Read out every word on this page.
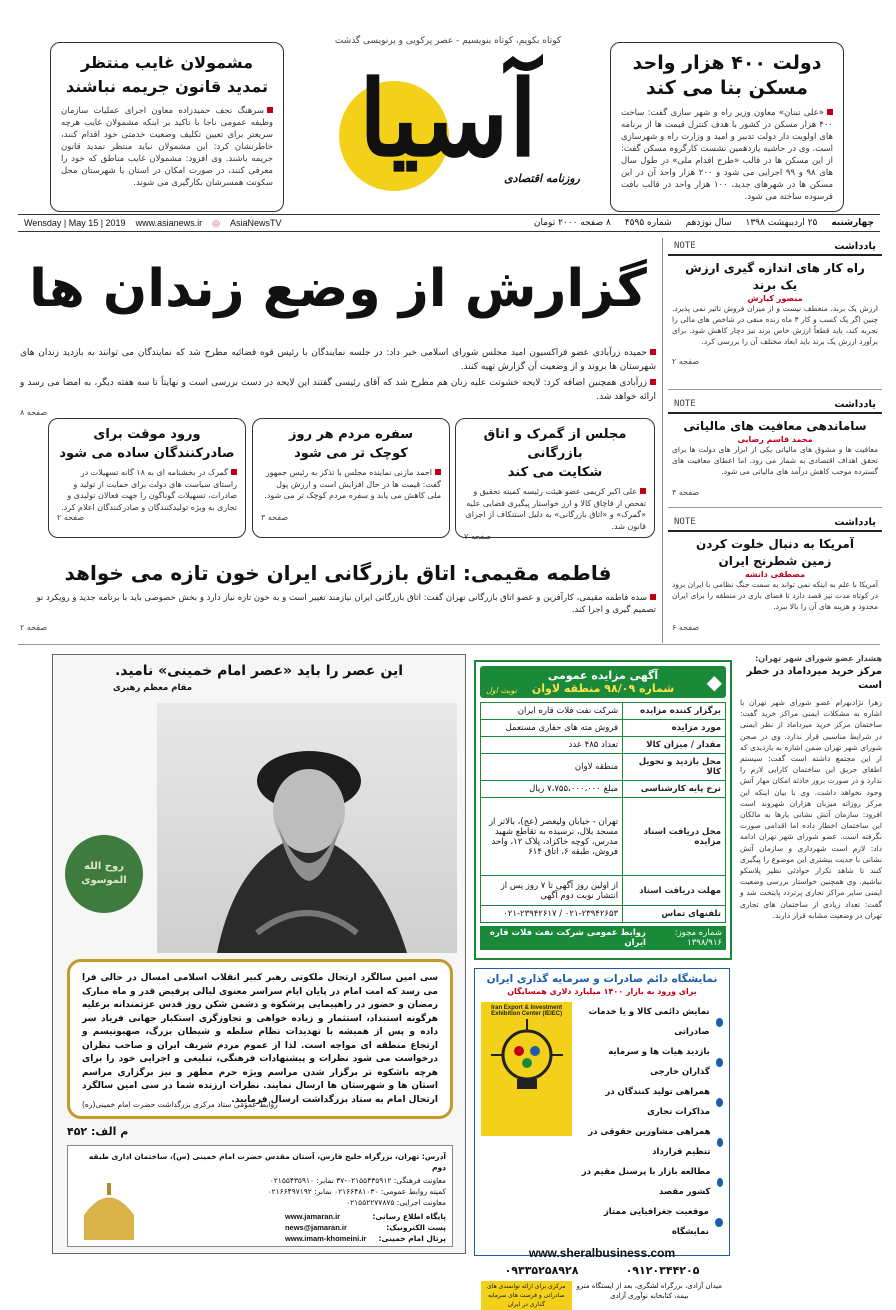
دولت ۴۰۰ هزار واحد
مسکن بنا می کند
«علی تبنان» معاون وزیر راه و شهر سازی گفت: ساخت ۴۰۰ هزار مسکن در کشور با هدف کنترل قیمت ها از برنامه های اولویت دار دولت تدبیر و امید و وزارت راه و شهرسازی است. وی در حاشیه یازدهمین نشست کارگروه مسکن گفت: از این مسکن ها در قالب «طرح اقدام ملی» در طول سال های ۹۸ و ۹۹ اجرایی می شود و ۲۰۰ هزار واحد آن در این مسکن ها در شهرهای جدید، ۱۰۰ هزار واحد در قالب بافت فرسوده ساخته می شود.
مشمولان غایب منتظر
تمدید قانون جریمه نباشند
سرهنگ نجف حمیدزاده معاون اجرای عملیات سازمان وظیفه عمومی ناجا با تاکید بر اینکه مشمولان غایب هرچه سریعتر برای تعیین تکلیف وضعیت خدمتی خود اقدام کنند، خاطرنشان کرد: این مشمولان نباید منتظر تمدید قانون جریمه باشند. وی افزود: مشمولان غایب مناطق که خود را معرفی کنند، در صورت امکان در استان یا شهرستان محل سکونت همسرشان بکارگیری می شوند.
کوتاه بکویم، کوتاه بنویسیم - عصر پرکویی و پرنویسی گذشت
آسیا
روزنامه اقتصادی
چهارشنبه
۲۵ اردیبهشت ۱۳۹۸
سال نوزدهم
شماره ۴۵۹۵
۸ صفحه ۲۰۰۰ تومان
Wensday | May 15 | 2019 www.asianews.ir ◎ AsiaNewsTV
یادداشت
NOTE
راه کار های اندازه گیری ارزش
یک برند
منصور کیارش
ارزش یک برند، منعطف نیست و از میزان فروش تاثیر نمی پذیرد. چنین اگر یک کسب و کار ۳ ماه زنده منفی در شاخص های مالی را تجربه کند، باید قطعاً ارزش خاص برند نیز دچار کاهش شود. برای برآورد ارزش یک برند باید ابعاد مختلف آن را بررسی کرد.
صفحه ۲
یادداشت
NOTE
ساماندهی معافیت های مالیاتی
محمد قاسم رضایی
معافیت ها و مشوق های مالیاتی یکی از ابزار های دولت ها برای تحقق اهداف اقتصادی به شمار می رود. اما اعطای معافیت های گسترده موجب کاهش درآمد های مالیاتی می شود.
صفحه ۳
یادداشت
NOTE
آمریکا به دنبال خلوت کردن
زمین شطرنج ایران
مصطفی دانشه
آمریکا با علم به اینکه نمی تواند به سمت جنگ نظامی با ایران برود در کوتاه مدت نیز قصد دارد تا فضای بازی در منطقه را برای ایران محدود و هزینه های آن را بالا ببرد.
صفحه ۶
گزارش از وضع زندان ها
حمیده زرآبادی عضو فراکسیون امید مجلس شورای اسلامی خبر داد: در جلسه نمایندگان با رئیس قوه قضائیه مطرح شد که نمایندگان می توانند به بازدید زندان های شهرستان ها بروند و از وضعیت آن گزارش تهیه کنند.
زرآبادی همچنین اضافه کرد: لایحه خشونت علیه زنان هم مطرح شد که آقای رئیسی گفتند این لایحه در دست بررسی است و نهایتاً تا سه هفته دیگر، به امضا می رسد و ارائه خواهد شد.
صفحه ۸
مجلس از گمرک و اتاق بازرگانی
شکایت می کند
علی اکبر کریمی عضو هیئت رئیسه کمیته تحقیق و تفحص از قاچاق کالا و ارز خواستار پیگیری قضایی علیه «گمرک» و «اتاق بازرگانی» به دلیل استنکاف از اجرای قانون شد.
صفحه ۷
سفره مردم هر روز
کوچک تر می شود
احمد مازنی نماینده مجلس با تذکر به رئیس جمهور گفت: قیمت ها در حال افزایش است و ارزش پول ملی کاهش می یابد و سفره مردم کوچک تر می شود.
صفحه ۳
ورود موقت برای
صادرکنندگان ساده می شود
گمرک در بخشنامه ای به ۱۸ گانه تسهیلات در راستای سیاست های دولت برای حمایت از تولید و صادرات، تسهیلات گوناگون را جهت فعالان تولیدی و تجاری به ویژه تولیدکنندگان و صادرکنندگان اعلام کرد.
صفحه ۲
فاطمه مقیمی: اتاق بازرگانی ایران خون تازه می خواهد
سده فاطمه مقیمی، کارآفرین و عضو اتاق بازرگانی تهران گفت: اتاق بازرگانی ایران نیازمند تغییر است و به خون تازه نیاز دارد و بخش خصوصی باید با برنامه جدید و رویکرد نو تصمیم گیری و اجرا کند.
صفحه ۲
هشدار عضو شورای شهر تهران:
مرکز خرید میرداماد در خطر است
زهرا نژادبهرام عضو شورای شهر تهران با اشاره به مشکلات ایمنی مراکز خرید گفت: ساختمان مرکز خرید میرداماد از نظر ایمنی در شرایط مناسبی قرار ندارد. وی در صحن شورای شهر تهران ضمن اشاره به بازدیدی که از این مجتمع داشته است گفت: سیستم اطفای حریق این ساختمان کارایی لازم را ندارد و در صورت بروز حادثه امکان مهار آتش وجود نخواهد داشت. وی با بیان اینکه این مرکز روزانه میزبان هزاران شهروند است افزود: سازمان آتش نشانی بارها به مالکان این ساختمان اخطار داده اما اقدامی صورت نگرفته است. عضو شورای شهر تهران ادامه داد: لازم است شهرداری و سازمان آتش نشانی با جدیت بیشتری این موضوع را پیگیری کنند تا شاهد تکرار حوادثی نظیر پلاسکو نباشیم. وی همچنین خواستار بررسی وضعیت ایمنی سایر مراکز تجاری پرتردد پایتخت شد و گفت: تعداد زیادی از ساختمان های تجاری تهران در وضعیت مشابه قرار دارند.
آگهی مزایده عمومی
شماره ۹۸/۰۹ منطقه لاوان	◆
نوبت اول
برگزار کننده مزایده	شرکت نفت فلات قاره ایران
مورد مزایده	فروش مته های حفاری مستعمل
مقدار / میزان کالا	تعداد ۴۸۵ عدد
محل بازدید و تحویل کالا	منطقه لاوان
نرخ پایه کارشناسی	مبلغ ۷،۷۵۵،۰۰۰،۰۰۰ ریال
محل دریافت اسناد مزایده	تهران - خیابان ولیعصر (عج)، بالاتر از مسجد بلال، نرسیده به تقاطع شهید مدرس، کوچه خاکزاد، پلاک ۱۲، واحد فروش، طبقه ۶، اتاق ۶۱۴
مهلت دریافت اسناد	از اولین روز آگهی تا ۷ روز پس از انتشار نوبت دوم آگهی
تلفنهای تماس	۰۲۱-۲۳۹۴۲۶۵۳ / ۰۲۱-۲۳۹۴۲۶۱۷
شماره مجوز: ۱۳۹۸/۹۱۶
روابط عمومی شرکت نفت فلات قاره ایران
این عصر را باید «عصر امام خمینی» نامید.
مقام معظم رهبری
روح الله الموسوی
سی امین سالگرد ارتحال ملکوتی رهبر کبیر انقلاب اسلامی امسال در حالی فرا می رسد که امت امام در پایان ایام سراسر معنوی لیالی پرفیض قدر و ماه مبارک رمضان و حضور در راهپیمایی پرشکوه و دشمن شکن روز قدس عزتمندانه برعلیه هرگونه استبداد، استثمار و زیاده خواهی و تجاوزگری استکبار جهانی فریاد سر داده و پس از همیشه با تهدیدات نظام سلطه و شیطان بزرگ، صهیونیسم و ارتجاع منطقه ای مواجه است. لذا از عموم مردم شریف ایران و صاحب نظران درخواست می شود نظرات و پیشنهادات فرهنگی، تبلیغی و اجرایی خود را برای هرچه باشکوه تر برگزار شدن مراسم ویژه حرم مطهر و نیز برگزاری مراسم استان ها و شهرستان ها ارسال نمایند. نظرات ارزنده شما در سی امین سالگرد ارتحال امام به ستاد بزرگداشت ارسال فرمایید.
روابط عمومی ستاد مرکزی بزرگداشت حضرت امام خمینی(ره)
م الف: ۴۵۲
آدرس: تهران، بزرگراه خلیج فارس، آستان مقدس حضرت امام خمینی (س)، ساختمان اداری طبقه دوم
معاونت فرهنگی: ۰۲۱۵۵۴۳۵۹۱۲-۳۷ نمابر: ۰۲۱۵۵۴۳۵۹۱۰
کمیته روابط عمومی: ۰۲۱۶۶۴۸۱۰۳۰ نمابر: ۰۲۱۶۶۴۹۷۱۹۲
معاونت اجرایی: ۰۲۱۵۵۲۲۷۷۸۷۵
پایگاه اطلاع رسانی:
پست الکترونیک:
پرتال امام خمینی:
www.jamaran.ir
news@jamaran.ir
www.imam-khomeini.ir
نمایشگاه دائم صادرات و سرمایه گذاری ایران
برای ورود به بازار ۱۴۰۰ میلیارد دلاری همسایگان
نمایش دائمی کالا و یا خدمات صادراتی
بازدید هیات ها و سرمایه گذاران خارجی
همراهی تولید کنندگان در مذاکرات تجاری
همراهی مشاورین حقوقی در تنظیم قرارداد
مطالعه بازار با پرسنل مقیم در کشور مقصد
موقعیت جغرافیایی ممتاز نمایشگاه
Iran Export & Investment Exhibition Center (IEIEC)
www.sheralbusiness.com
۰۹۱۲۰۳۴۴۲۰۵
۰۹۳۳۵۲۵۸۹۲۸
میدان آزادی، بزرگراه لشگری، بعد از ایستگاه مترو بیمه، کتابخانه نوآوری آزادی
مرکزی برای ارائه توانمندی های صادراتی و فرصت های سرمایه گذاری در ایران
